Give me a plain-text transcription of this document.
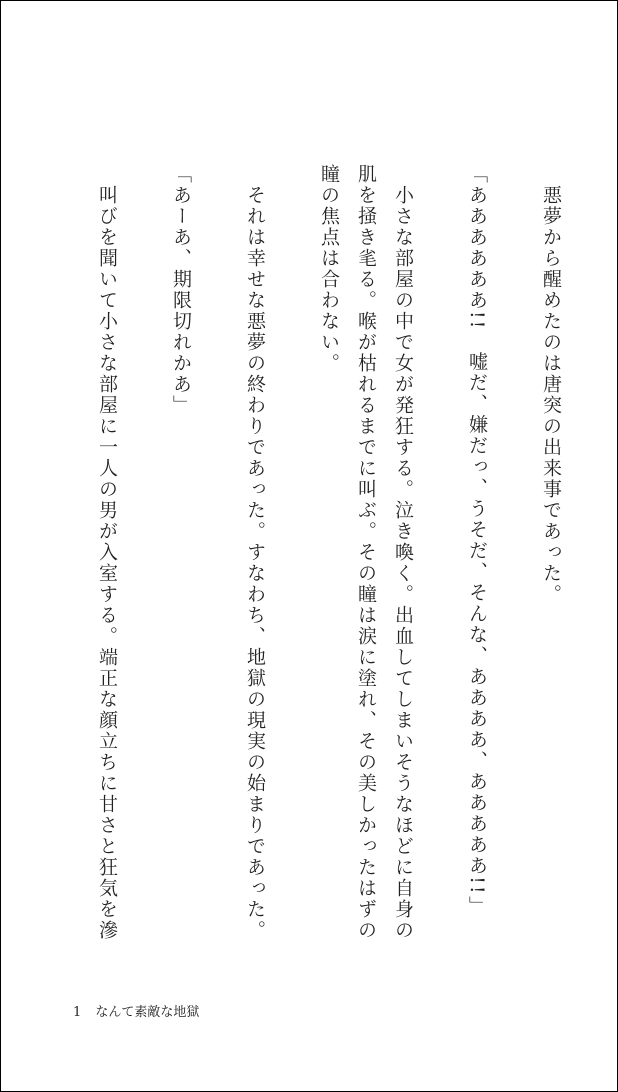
　悪夢から醒めたのは唐突の出来事であった。
「ああああああ!!　嘘だ、嫌だっ、うそだ、そんな、ああああ、あああああ!!」
　小さな部屋の中で女が発狂する。泣き喚く。出血してしまいそうなほどに自身の
肌を掻き毟る。喉が枯れるまでに叫ぶ。その瞳は涙に塗れ、その美しかったはずの
瞳の焦点は合わない。
　それは幸せな悪夢の終わりであった。すなわち、地獄の現実の始まりであった。
「あーあ、期限切れかあ」
　叫びを聞いて小さな部屋に一人の男が入室する。端正な顔立ちに甘さと狂気を滲
1 なんて素敵な地獄
